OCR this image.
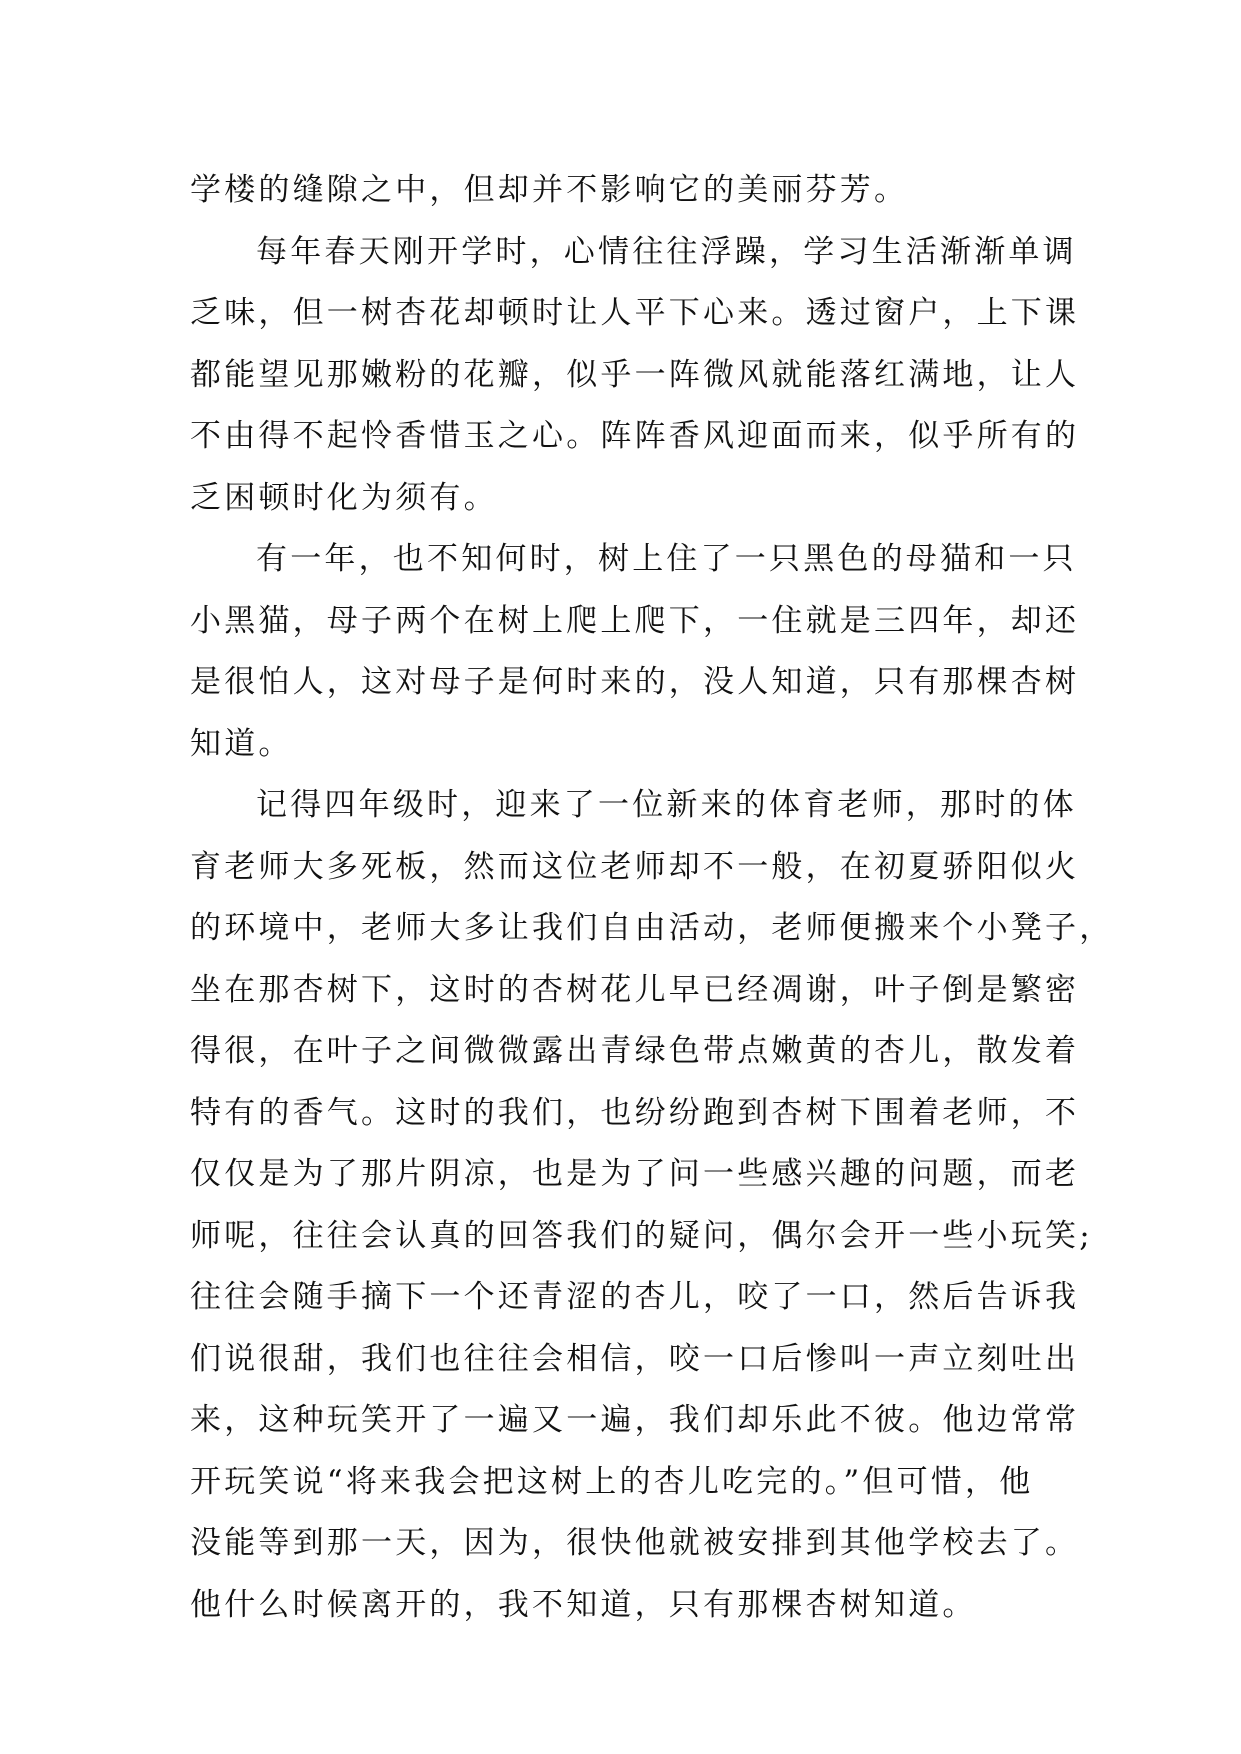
学楼的缝隙之中，但却并不影响它的美丽芬芳。
每年春天刚开学时，心情往往浮躁，学习生活渐渐单调
乏味，但一树杏花却顿时让人平下心来。透过窗户，上下课
都能望见那嫩粉的花瓣，似乎一阵微风就能落红满地，让人
不由得不起怜香惜玉之心。阵阵香风迎面而来，似乎所有的
乏困顿时化为须有。
有一年，也不知何时，树上住了一只黑色的母猫和一只
小黑猫，母子两个在树上爬上爬下，一住就是三四年，却还
是很怕人，这对母子是何时来的，没人知道，只有那棵杏树
知道。
记得四年级时，迎来了一位新来的体育老师，那时的体
育老师大多死板，然而这位老师却不一般，在初夏骄阳似火
的环境中，老师大多让我们自由活动，老师便搬来个小凳子，
坐在那杏树下，这时的杏树花儿早已经凋谢，叶子倒是繁密
得很，在叶子之间微微露出青绿色带点嫩黄的杏儿，散发着
特有的香气。这时的我们，也纷纷跑到杏树下围着老师，不
仅仅是为了那片阴凉，也是为了问一些感兴趣的问题，而老
师呢，往往会认真的回答我们的疑问，偶尔会开一些小玩笑;
往往会随手摘下一个还青涩的杏儿，咬了一口，然后告诉我
们说很甜，我们也往往会相信，咬一口后惨叫一声立刻吐出
来，这种玩笑开了一遍又一遍，我们却乐此不彼。他边常常
开玩笑说“将来我会把这树上的杏儿吃完的。”但可惜，他
没能等到那一天，因为，很快他就被安排到其他学校去了。
他什么时候离开的，我不知道，只有那棵杏树知道。
